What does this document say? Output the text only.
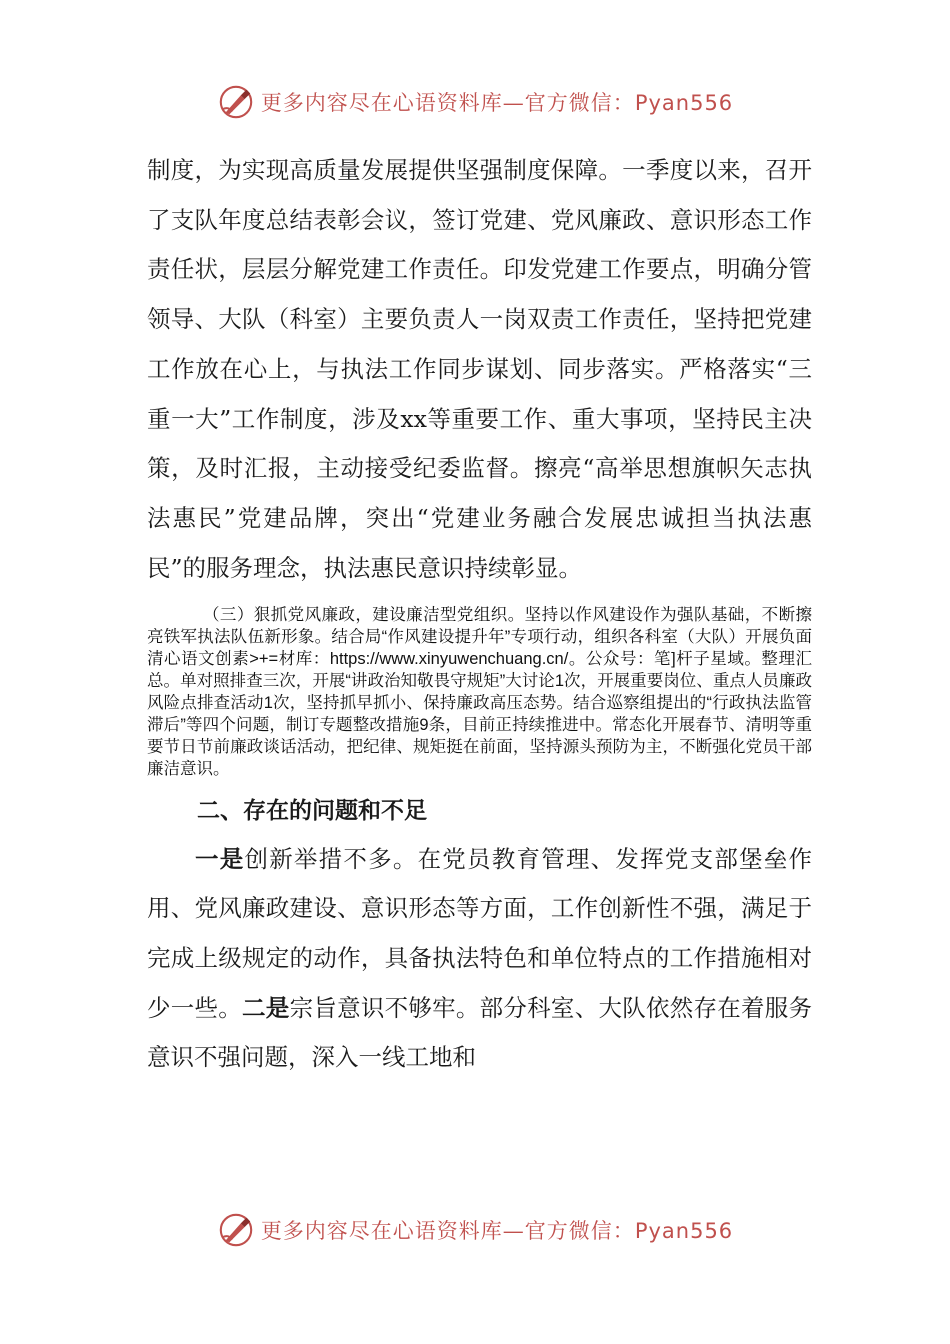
更多内容尽在心语资料库—官方微信：Pyan556

制度，为实现高质量发展提供坚强制度保障。一季度以来，召开了支队年度总结表彰会议，签订党建、党风廉政、意识形态工作责任状，层层分解党建工作责任。印发党建工作要点，明确分管领导、大队（科室）主要负责人一岗双责工作责任，坚持把党建工作放在心上，与执法工作同步谋划、同步落实。严格落实“三重一大”工作制度，涉及xx等重要工作、重大事项，坚持民主决策，及时汇报，主动接受纪委监督。擦亮“高举思想旗帜矢志执法惠民”党建品牌，突出“党建业务融合发展忠诚担当执法惠民”的服务理念，执法惠民意识持续彰显。

（三）狠抓党风廉政，建设廉洁型党组织。坚持以作风建设作为强队基础，不断擦亮铁军执法队伍新形象。结合局“作风建设提升年”专项行动，组织各科室（大队）开展负面清心语文创素>+=材库：https://www.xinyuwenchuang.cn/。公众号：笔]杆子星域。整理汇总。单对照排查三次，开展“讲政治知敬畏守规矩”大讨论1次，开展重要岗位、重点人员廉政风险点排查活动1次，坚持抓早抓小、保持廉政高压态势。结合巡察组提出的“行政执法监管滞后”等四个问题，制订专题整改措施9条，目前正持续推进中。常态化开展春节、清明等重要节日节前廉政谈话活动，把纪律、规矩挺在前面，坚持源头预防为主，不断强化党员干部廉洁意识。

二、存在的问题和不足

一是创新举措不多。在党员教育管理、发挥党支部堡垒作用、党风廉政建设、意识形态等方面，工作创新性不强，满足于完成上级规定的动作，具备执法特色和单位特点的工作措施相对少一些。二是宗旨意识不够牢。部分科室、大队依然存在着服务意识不强问题，深入一线工地和

更多内容尽在心语资料库—官方微信：Pyan556
